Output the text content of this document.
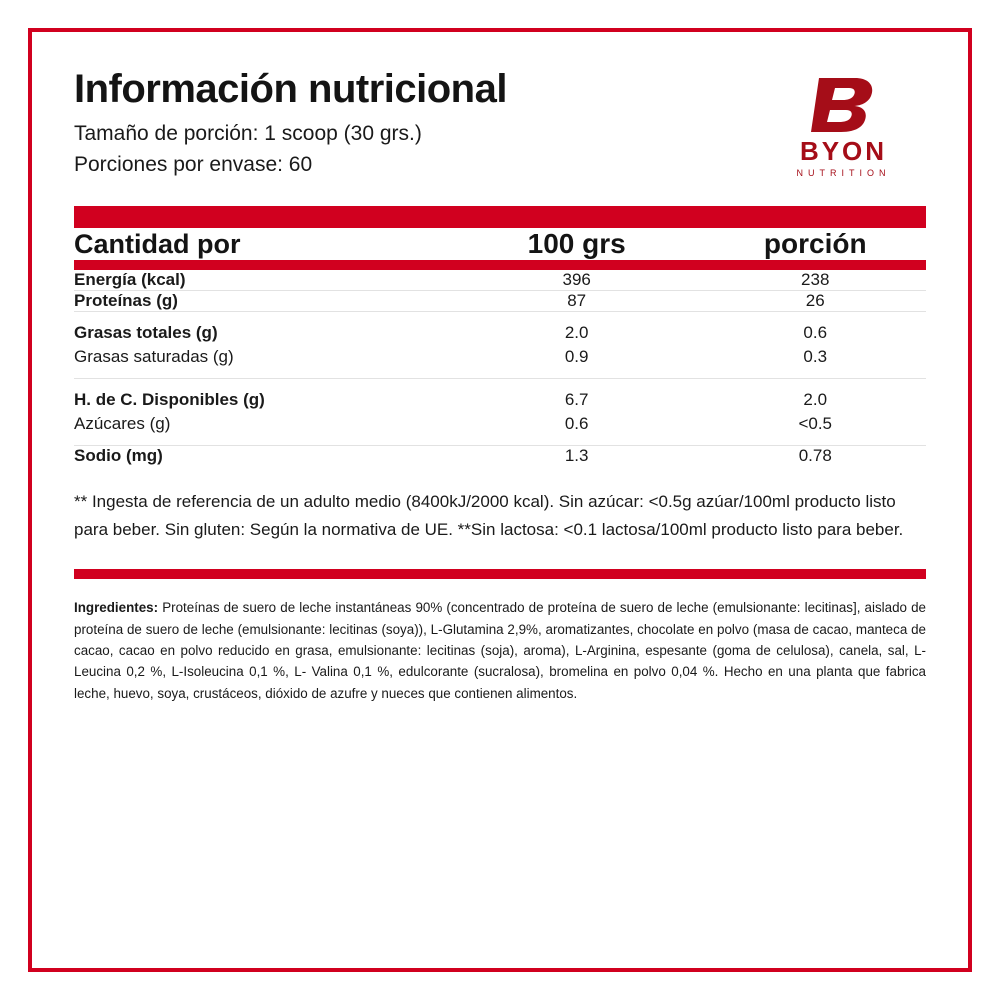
Información nutricional
Tamaño de porción: 1 scoop (30 grs.)
Porciones por envase: 60	BYON
NUTRITION
Cantidad por	100 grs	porción
Energía (kcal)	396	238
Proteínas (g)	87	26
Grasas totales (g)	2.0	0.6
Grasas saturadas (g)	0.9	0.3
H. de C. Disponibles (g)	6.7	2.0
Azúcares (g)	0.6	<0.5
Sodio (mg)	1.3	0.78

** Ingesta de referencia de un adulto medio (8400kJ/2000 kcal). Sin azúcar: <0.5g azúar/100ml producto listo para beber. Sin gluten: Según la normativa de UE. **Sin lactosa: <0.1 lactosa/100ml producto listo para beber.

Ingredientes: Proteínas de suero de leche instantáneas 90% (concentrado de proteína de suero de leche (emulsionante: lecitinas], aislado de proteína de suero de leche (emulsionante: lecitinas (soya)), L-Glutamina 2,9%, aromatizantes, chocolate en polvo (masa de cacao, manteca de cacao, cacao en polvo reducido en grasa, emulsionante: lecitinas (soja), aroma), L-Arginina, espesante (goma de celulosa), canela, sal, L- Leucina 0,2 %, L-Isoleucina 0,1 %, L- Valina 0,1 %, edulcorante (sucralosa), bromelina en polvo 0,04 %. Hecho en una planta que fabrica leche, huevo, soya, crustáceos, dióxido de azufre y nueces que contienen alimentos.
